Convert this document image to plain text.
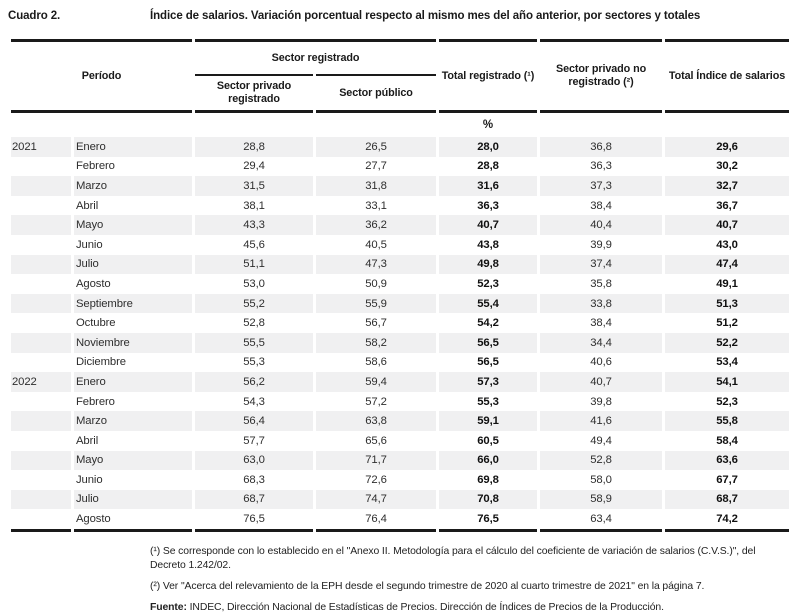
Cuadro 2.	Índice de salarios. Variación porcentual respecto al mismo mes del año anterior, por sectores y totales
Período		Sector registrado		Total registrado (¹)	Sector privado no registrado (²)	Total Índice de salarios
		Sector privado registrado	Sector público			
				%		
2021	Enero	28,8	26,5	28,0	36,8	29,6
	Febrero	29,4	27,7	28,8	36,3	30,2
	Marzo	31,5	31,8	31,6	37,3	32,7
	Abril	38,1	33,1	36,3	38,4	36,7
	Mayo	43,3	36,2	40,7	40,4	40,7
	Junio	45,6	40,5	43,8	39,9	43,0
	Julio	51,1	47,3	49,8	37,4	47,4
	Agosto	53,0	50,9	52,3	35,8	49,1
	Septiembre	55,2	55,9	55,4	33,8	51,3
	Octubre	52,8	56,7	54,2	38,4	51,2
	Noviembre	55,5	58,2	56,5	34,4	52,2
	Diciembre	55,3	58,6	56,5	40,6	53,4
2022	Enero	56,2	59,4	57,3	40,7	54,1
	Febrero	54,3	57,2	55,3	39,8	52,3
	Marzo	56,4	63,8	59,1	41,6	55,8
	Abril	57,7	65,6	60,5	49,4	58,4
	Mayo	63,0	71,7	66,0	52,8	63,6
	Junio	68,3	72,6	69,8	58,0	67,7
	Julio	68,7	74,7	70,8	58,9	68,7
	Agosto	76,5	76,4	76,5	63,4	74,2

(¹) Se corresponde con lo establecido en el "Anexo II. Metodología para el cálculo del coeficiente de variación de salarios (C.V.S.)", del Decreto 1.242/02.

(²) Ver "Acerca del relevamiento de la EPH desde el segundo trimestre de 2020 al cuarto trimestre de 2021" en la página 7.

Fuente: INDEC, Dirección Nacional de Estadísticas de Precios. Dirección de Índices de Precios de la Producción.
